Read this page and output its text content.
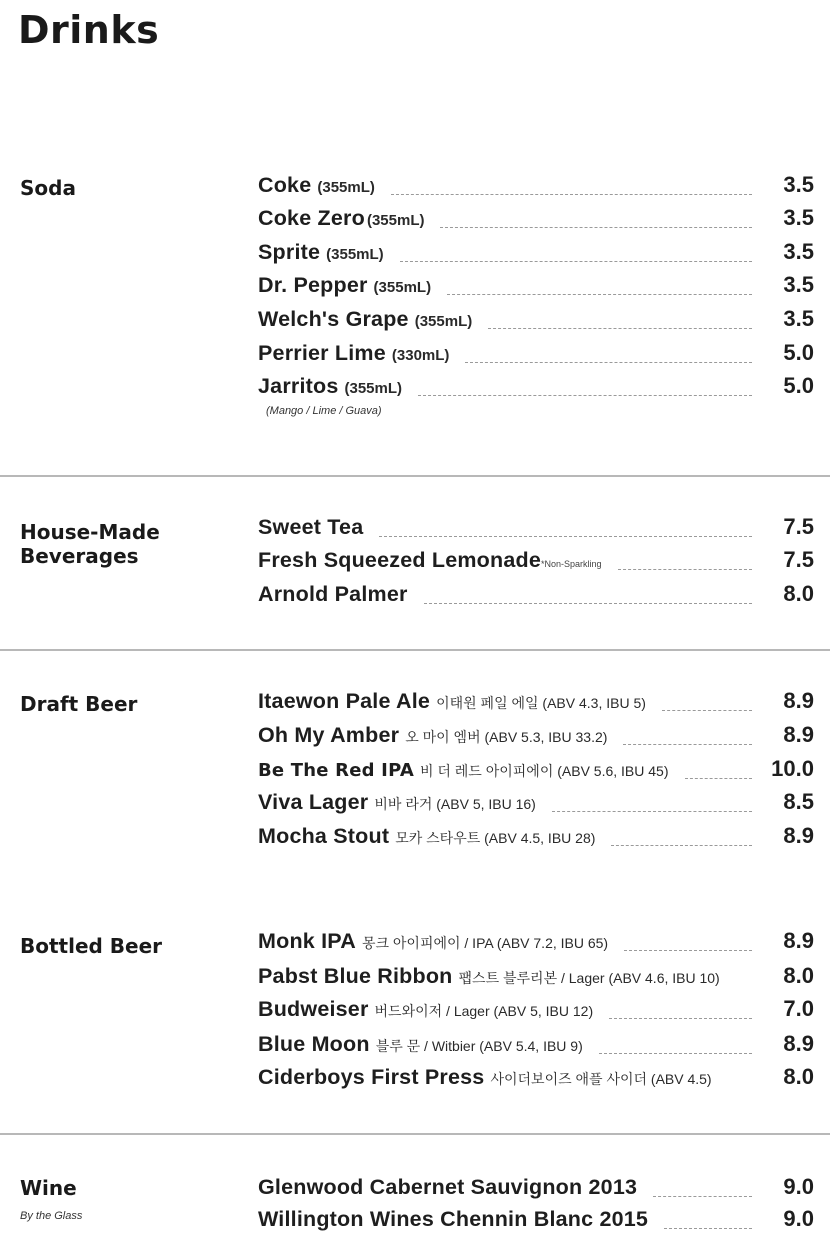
Drinks
Soda	Coke (355mL)	3.5
Coke Zero (355mL)	3.5
Sprite (355mL)	3.5
Dr. Pepper (355mL)	3.5
Welch's Grape (355mL)	3.5
Perrier Lime (330mL)	5.0
Jarritos (355mL)	5.0
(Mango / Lime / Guava)
House-Made
Beverages
Sweet Tea	7.5
Fresh Squeezed Lemonade *Non-Sparkling	7.5
Arnold Palmer	8.0
Draft Beer	Itaewon Pale Ale 이태원 페일 에일 (ABV 4.3, IBU 5)	8.9
Oh My Amber 오 마이 엠버 (ABV 5.3, IBU 33.2)	8.9
Be The Red IPA 비 더 레드 아이피에이 (ABV 5.6, IBU 45)	10.0
Viva Lager 비바 라거 (ABV 5, IBU 16)	8.5
Mocha Stout 모카 스타우트 (ABV 4.5, IBU 28)	8.9
Bottled Beer	Monk IPA 몽크 아이피에이 / IPA (ABV 7.2, IBU 65)	8.9
Pabst Blue Ribbon 팹스트 블루리본 / Lager (ABV 4.6, IBU 10)	8.0
Budweiser 버드와이저 / Lager (ABV 5, IBU 12)	7.0
Blue Moon 블루 문 / Witbier (ABV 5.4, IBU 9)	8.9
Ciderboys First Press 사이더보이즈 애플 사이더 (ABV 4.5)	8.0
Wine
By the Glass
Glenwood Cabernet Sauvignon 2013	9.0
Willington Wines Chennin Blanc 2015	9.0
